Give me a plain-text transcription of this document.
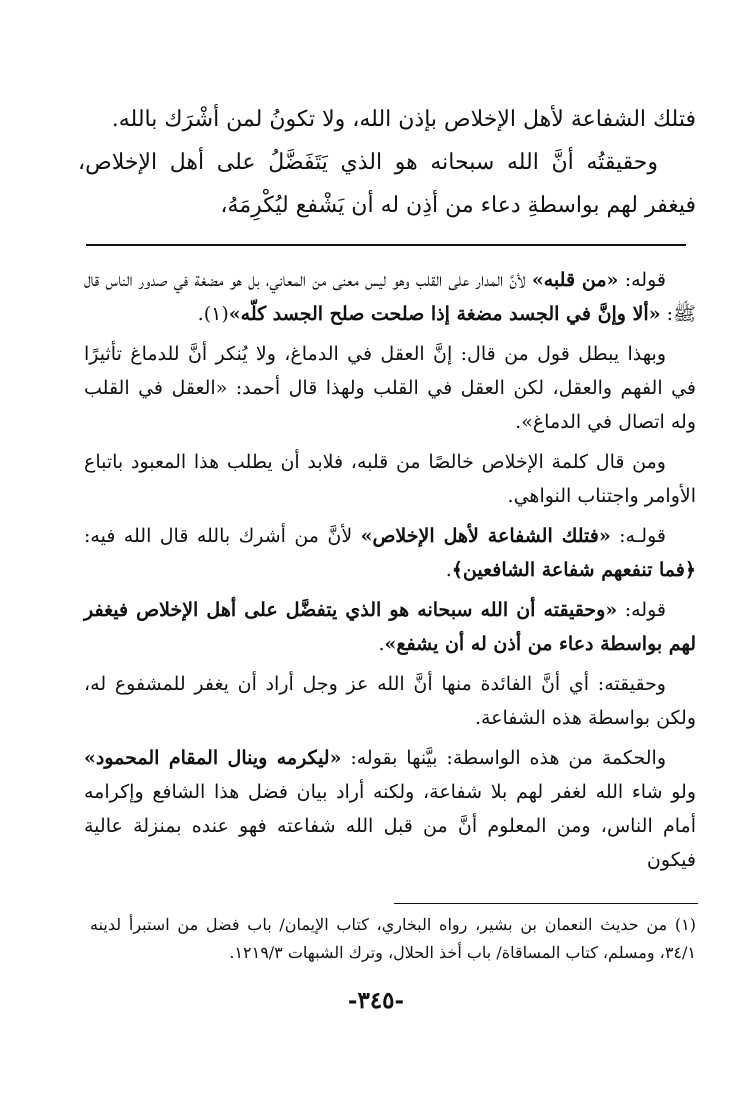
فتلك الشفاعة لأهل الإخلاص بإذن الله، ولا تكونُ لمن أشْرَك بالله.

وحقيقتُه أنَّ الله سبحانه هو الذي يَتَفَضَّلُ على أهل الإخلاص، فيغفر لهم بواسطةِ دعاء من أذِن له أن يَشْفع ليُكْرِمَهُ،

قوله: «من قلبه» لأنَّ المدار على القلب وهو ليس معنى من المعاني، بل هو مضغة في صدور الناس قال ﷺ: «ألا وإنَّ في الجسد مضغة إذا صلحت صلح الجسد كلّه»(١).

وبهذا يبطل قول من قال: إنَّ العقل في الدماغ، ولا يُنكر أنَّ للدماغ تأثيرًا في الفهم والعقل، لكن العقل في القلب ولهذا قال أحمد: «العقل في القلب وله اتصال في الدماغ».

ومن قال كلمة الإخلاص خالصًا من قلبه، فلابد أن يطلب هذا المعبود باتباع الأوامر واجتناب النواهي.

قولـه: «فتلك الشفاعة لأهل الإخلاص» لأنَّ من أشرك بالله قال الله فيه: ﴿فما تنفعهم شفاعة الشافعين﴾.

قوله: «وحقيقته أن الله سبحانه هو الذي يتفضَّل على أهل الإخلاص فيغفر لهم بواسطة دعاء من أذن له أن يشفع».

وحقيقته: أي أنَّ الفائدة منها أنَّ الله عز وجل أراد أن يغفر للمشفوع له، ولكن بواسطة هذه الشفاعة.

والحكمة من هذه الواسطة: بيَّنها بقوله: «ليكرمه وينال المقام المحمود» ولو شاء الله لغفر لهم بلا شفاعة، ولكنه أراد بيان فضل هذا الشافع وإكرامه أمام الناس، ومن المعلوم أنَّ من قبل الله شفاعته فهو عنده بمنزلة عالية فيكون

(١) من حديث النعمان بن بشير، رواه البخاري، كتاب الإيمان/ باب فضل من استبرأ لدينه ٣٤/١، ومسلم، كتاب المساقاة/ باب أخذ الحلال، وترك الشبهات ١٢١٩/٣.

-٣٤٥-
